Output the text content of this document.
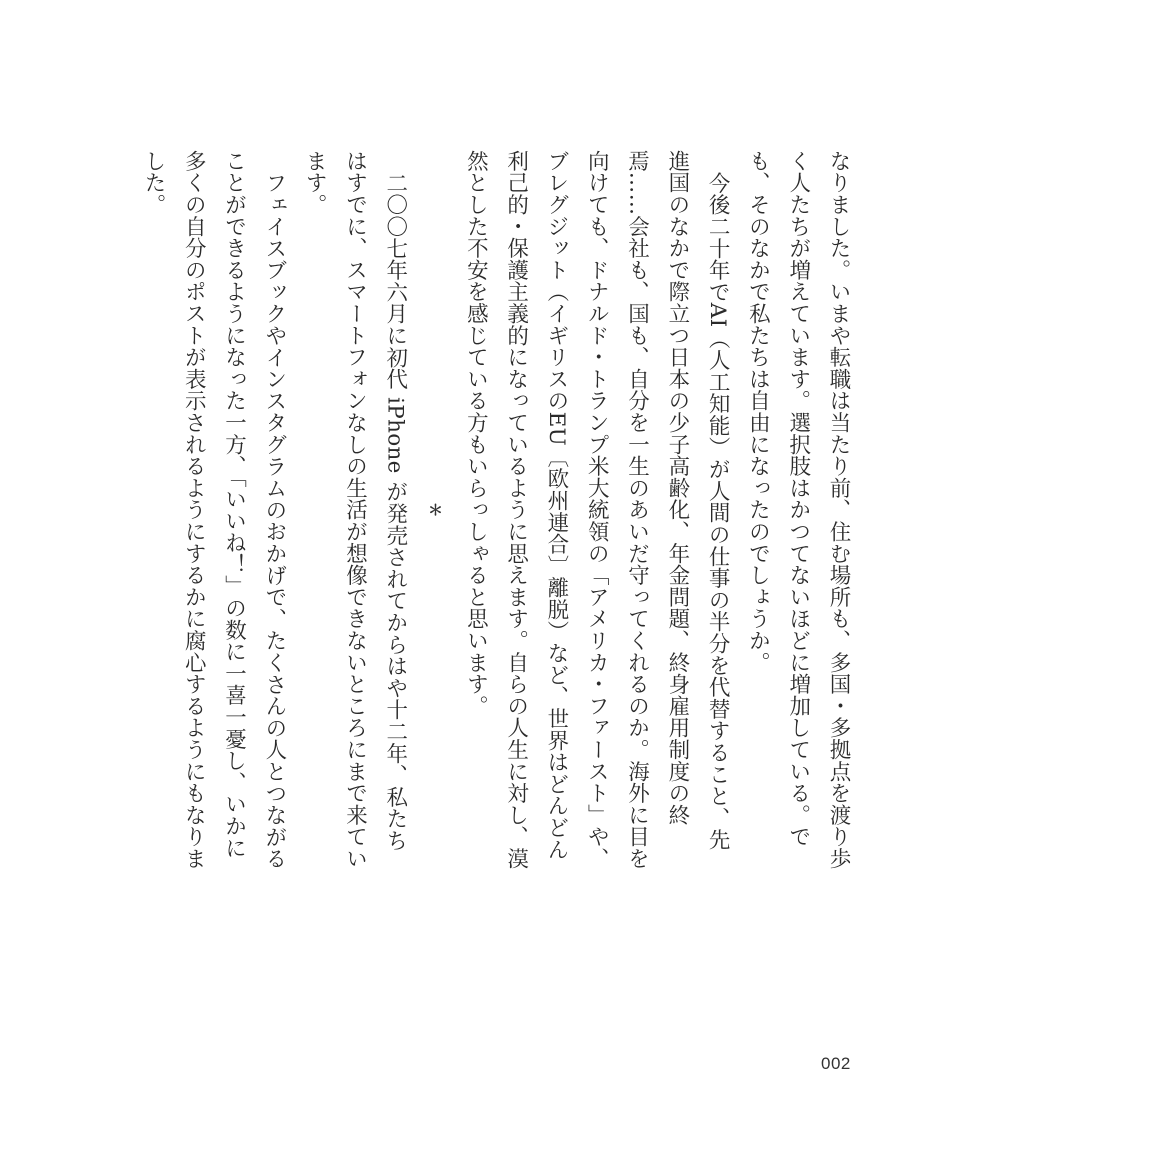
なりました。いまや転職は当たり前、住む場所も、多国・多拠点を渡り歩く人たちが増えています。選択肢はかつてないほどに増加している。でも、そのなかで私たちは自由になったのでしょうか。
今後二十年でAI（人工知能）が人間の仕事の半分を代替すること、先進国のなかで際立つ日本の少子高齢化、年金問題、終身雇用制度の終焉……会社も、国も、自分を一生のあいだ守ってくれるのか。海外に目を向けても、ドナルド・トランプ米大統領の「アメリカ・ファースト」や、ブレグジット（イギリスのEU〔欧州連合〕離脱）など、世界はどんどん利己的・保護主義的になっているように思えます。自らの人生に対し、漠然とした不安を感じている方もいらっしゃると思います。
＊
二〇〇七年六月に初代 iPhone が発売されてからはや十二年、私たちはすでに、スマートフォンなしの生活が想像できないところにまで来ています。
フェイスブックやインスタグラムのおかげで、たくさんの人とつながることができるようになった一方、「いいね！」の数に一喜一憂し、いかに多くの自分のポストが表示されるようにするかに腐心するようにもなりました。
002
